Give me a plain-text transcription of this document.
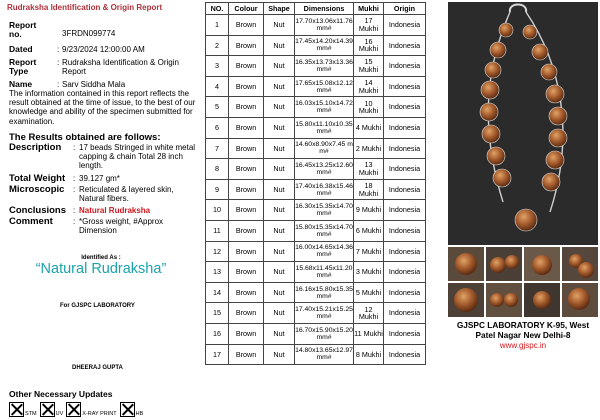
Rudraksha Identification & Origin Report
Report no.	3FRDN099774
Dated	: 9/23/2024 12:00:00 AM
Report Type
: Rudraksha Identification & Origin Report
Name	: Sarv Siddha Mala
The information contained in this report reflects the result obtained at the time of issue, to the best of our knowledge and ability of the specimen submitted for examination.
The Results obtained are follows:
Description : 17 beads Stringed in white metal capping & chain Total 28 inch length.
Total Weight : 39.127 gm*
Microscopic : Reticulated & layered skin, Natural fibers.
Conclusions : Natural Rudraksha
Comment	: *Gross weight, #Approx Dimension
Identified As :
“Natural Rudraksha”
For GJSPC LABORATORY
DHEERAJ GUPTA
Other Necessary Updates
STM	UV	X-RAY PRINT	HB
NO.	Colour	Shape	Dimensions	Mukhi	Origin
1	Brown	Nut	17.70x13.06x11.76 mm#	17 Mukhi	Indonesia
2	Brown	Nut	17.45x14.20x14.39 mm#	16 Mukhi	Indonesia
3	Brown	Nut	16.35x13.73x13.36 mm#	15 Mukhi	Indonesia
4	Brown	Nut	17.65x15.08x12.12 mm#	14 Mukhi	Indonesia
5	Brown	Nut	16.03x15.10x14.72 mm#	10 Mukhi	Indonesia
6	Brown	Nut	15.80x11.10x10.35 mm#	4 Mukhi	Indonesia
7	Brown	Nut	14.60x8.90x7.45 mm#	2 Mukhi	Indonesia
8	Brown	Nut	16.45x13.25x12.60 mm#	13 Mukhi	Indonesia
9	Brown	Nut	17.40x16.38x15.46 mm#	18 Mukhi	Indonesia
10	Brown	Nut	16.30x15.35x14.70 mm#	9 Mukhi	Indonesia
11	Brown	Nut	15.80x15.35x14.70 mm#	6 Mukhi	Indonesia
12	Brown	Nut	16.00x14.65x14.36 mm#	7 Mukhi	Indonesia
13	Brown	Nut	15.68x11.45x11.20 mm#	3 Mukhi	Indonesia
14	Brown	Nut	16.16x15.80x15.35 mm#	5 Mukhi	Indonesia
15	Brown	Nut	17.40x15.21x15.25 mm#	12 Mukhi	Indonesia
16	Brown	Nut	16.70x15.90x15.20 mm#	11 Mukhi	Indonesia
17	Brown	Nut	14.80x13.65x12.97 mm#	8 Mukhi	Indonesia
GJSPC LABORATORY K-95, West Patel Nagar New Delhi-8
www.gjspc.in
